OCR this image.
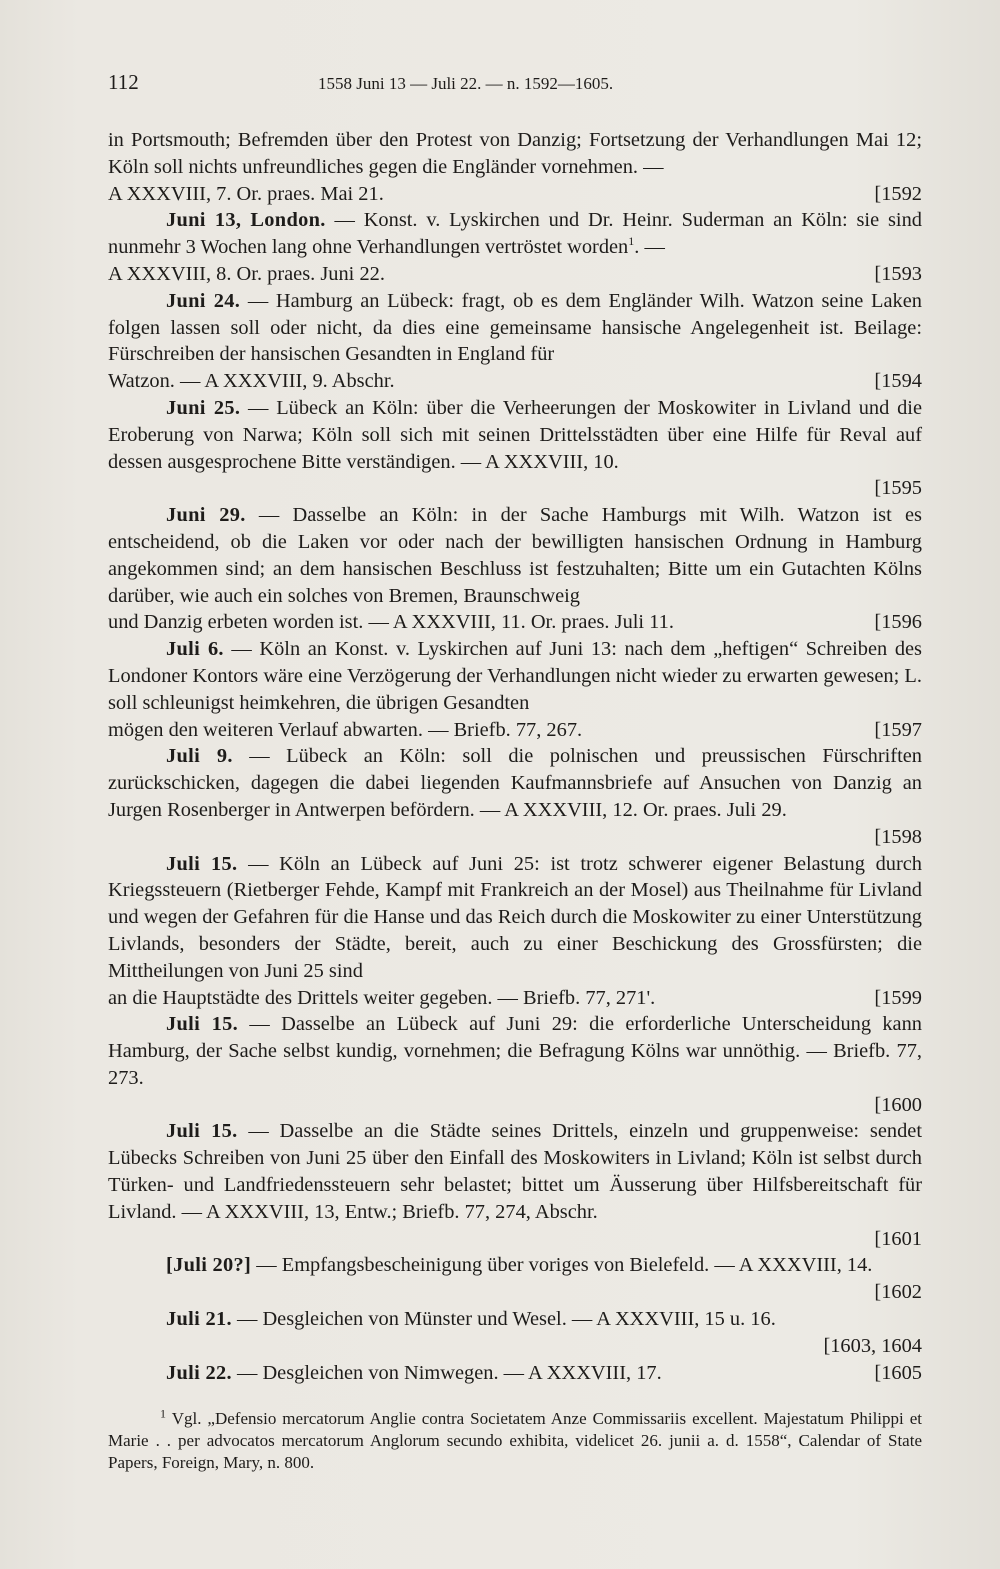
112	1558 Juni 13 — Juli 22. — n. 1592—1605.
in Portsmouth; Befremden über den Protest von Danzig; Fortsetzung der Verhandlungen Mai 12; Köln soll nichts unfreundliches gegen die Engländer vornehmen. —
A XXXVIII, 7. Or. praes. Mai 21.	[1592
Juni 13, London. — Konst. v. Lyskirchen und Dr. Heinr. Suderman an Köln: sie sind nunmehr 3 Wochen lang ohne Verhandlungen vertröstet worden$^1$. —
A XXXVIII, 8. Or. praes. Juni 22.	[1593
Juni 24. — Hamburg an Lübeck: fragt, ob es dem Engländer Wilh. Watzon seine Laken folgen lassen soll oder nicht, da dies eine gemeinsame hansische Angelegenheit ist. Beilage: Fürschreiben der hansischen Gesandten in England für
Watzon. — A XXXVIII, 9. Abschr.	[1594
Juni 25. — Lübeck an Köln: über die Verheerungen der Moskowiter in Livland und die Eroberung von Narwa; Köln soll sich mit seinen Drittelsstädten über eine Hilfe für Reval auf dessen ausgesprochene Bitte verständigen. — A XXXVIII, 10.
[1595
Juni 29. — Dasselbe an Köln: in der Sache Hamburgs mit Wilh. Watzon ist es entscheidend, ob die Laken vor oder nach der bewilligten hansischen Ordnung in Hamburg angekommen sind; an dem hansischen Beschluss ist festzuhalten; Bitte um ein Gutachten Kölns darüber, wie auch ein solches von Bremen, Braunschweig
und Danzig erbeten worden ist. — A XXXVIII, 11. Or. praes. Juli 11.	[1596
Juli 6. — Köln an Konst. v. Lyskirchen auf Juni 13: nach dem „heftigen“ Schreiben des Londoner Kontors wäre eine Verzögerung der Verhandlungen nicht wieder zu erwarten gewesen; L. soll schleunigst heimkehren, die übrigen Gesandten
mögen den weiteren Verlauf abwarten. — Briefb. 77, 267.	[1597
Juli 9. — Lübeck an Köln: soll die polnischen und preussischen Fürschriften zurückschicken, dagegen die dabei liegenden Kaufmannsbriefe auf Ansuchen von Danzig an Jurgen Rosenberger in Antwerpen befördern. — A XXXVIII, 12. Or. praes. Juli 29.
[1598
Juli 15. — Köln an Lübeck auf Juni 25: ist trotz schwerer eigener Belastung durch Kriegssteuern (Rietberger Fehde, Kampf mit Frankreich an der Mosel) aus Theilnahme für Livland und wegen der Gefahren für die Hanse und das Reich durch die Moskowiter zu einer Unterstützung Livlands, besonders der Städte, bereit, auch zu einer Beschickung des Grossfürsten; die Mittheilungen von Juni 25 sind
an die Hauptstädte des Drittels weiter gegeben. — Briefb. 77, 271'.	[1599
Juli 15. — Dasselbe an Lübeck auf Juni 29: die erforderliche Unterscheidung kann Hamburg, der Sache selbst kundig, vornehmen; die Befragung Kölns war unnöthig. — Briefb. 77, 273.
[1600
Juli 15. — Dasselbe an die Städte seines Drittels, einzeln und gruppenweise: sendet Lübecks Schreiben von Juni 25 über den Einfall des Moskowiters in Livland; Köln ist selbst durch Türken- und Landfriedenssteuern sehr belastet; bittet um Äusserung über Hilfsbereitschaft für Livland. — A XXXVIII, 13, Entw.; Briefb. 77, 274, Abschr.
[1601
[Juli 20?] — Empfangsbescheinigung über voriges von Bielefeld. — A XXXVIII, 14.
[1602
Juli 21. — Desgleichen von Münster und Wesel. — A XXXVIII, 15 u. 16.
[1603, 1604
Juli 22. — Desgleichen von Nimwegen. — A XXXVIII, 17.	[1605
$^1$ Vgl. „Defensio mercatorum Anglie contra Societatem Anze Commissariis excellent. Majestatum Philippi et Marie . . per advocatos mercatorum Anglorum secundo exhibita, videlicet 26. junii a. d. 1558“, Calendar of State Papers, Foreign, Mary, n. 800.
